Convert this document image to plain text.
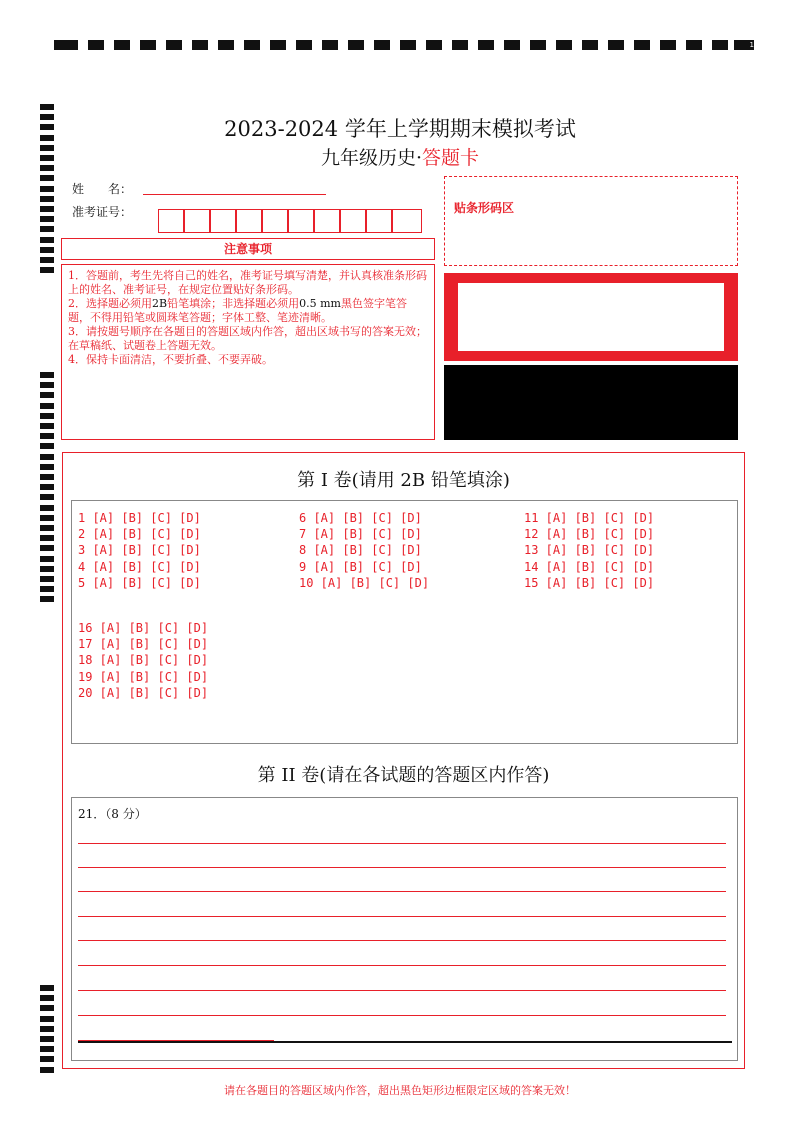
1
2023-2024 学年上学期期末模拟考试
九年级历史·答题卡
姓　　名：
准考证号：
注意事项

1．答题前，考生先将自己的姓名，准考证号填写清楚，并认真核准条形码上的姓名、准考证号，在规定位置贴好条形码。

2．选择题必须用2B铅笔填涂；非选择题必须用0.5 mm黑色签字笔答题，不得用铅笔或圆珠笔答题；字体工整、笔迹清晰。

3．请按题号顺序在各题目的答题区域内作答，超出区域书写的答案无效；在草稿纸、试题卷上答题无效。

4．保持卡面清洁，不要折叠、不要弄破。

贴条形码区
第 I 卷(请用 2B 铅笔填涂)
1 [A] [B] [C] [D]
2 [A] [B] [C] [D]
3 [A] [B] [C] [D]
4 [A] [B] [C] [D]
5 [A] [B] [C] [D]
6 [A] [B] [C] [D]
7 [A] [B] [C] [D]
8 [A] [B] [C] [D]
9 [A] [B] [C] [D]
10 [A] [B] [C] [D]
11 [A] [B] [C] [D]
12 [A] [B] [C] [D]
13 [A] [B] [C] [D]
14 [A] [B] [C] [D]
15 [A] [B] [C] [D]
16 [A] [B] [C] [D]
17 [A] [B] [C] [D]
18 [A] [B] [C] [D]
19 [A] [B] [C] [D]
20 [A] [B] [C] [D]
第 II 卷(请在各试题的答题区内作答)
21．（8 分）
请在各题目的答题区域内作答，超出黑色矩形边框限定区域的答案无效！
